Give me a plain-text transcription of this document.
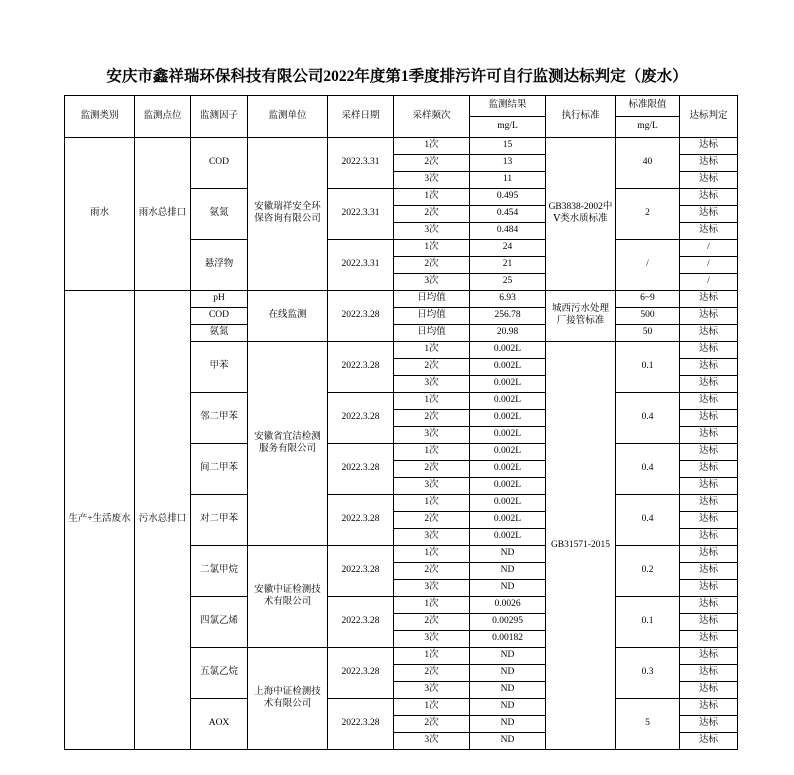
安庆市鑫祥瑞环保科技有限公司2022年度第1季度排污许可自行监测达标判定（废水）
监测类别	监测点位	监测因子	监测单位	采样日期	采样频次	监测结果	执行标准	标准限值	达标判定
						mg/L		mg/L	
雨水	雨水总排口	COD	安徽瑞祥安全环保咨询有限公司	2022.3.31	1次	15	GB3838-2002中Ⅴ类水质标准	40	达标
					2次	13			达标
					3次	11			达标
		氨氮		2022.3.31	1次	0.495		2	达标
					2次	0.454			达标
					3次	0.484			达标
		悬浮物		2022.3.31	1次	24		/	/
					2次	21			/
					3次	25			/
生产+生活废水	污水总排口	pH	在线监测	2022.3.28	日均值	6.93	城西污水处理厂接管标准	6~9	达标
		COD			日均值	256.78		500	达标
		氨氮			日均值	20.98		50	达标
		甲苯	安徽省宜洁检测服务有限公司	2022.3.28	1次	0.002L	GB31571-2015	0.1	达标
					2次	0.002L			达标
					3次	0.002L			达标
		邻二甲苯		2022.3.28	1次	0.002L		0.4	达标
					2次	0.002L			达标
					3次	0.002L			达标
		间二甲苯		2022.3.28	1次	0.002L		0.4	达标
					2次	0.002L			达标
					3次	0.002L			达标
		对二甲苯		2022.3.28	1次	0.002L		0.4	达标
					2次	0.002L			达标
					3次	0.002L			达标
		二氯甲烷	安徽中证检测技术有限公司	2022.3.28	1次	ND		0.2	达标
					2次	ND			达标
					3次	ND			达标
		四氯乙烯		2022.3.28	1次	0.0026		0.1	达标
					2次	0.00295			达标
					3次	0.00182			达标
		五氯乙烷	上海中证检测技术有限公司	2022.3.28	1次	ND		0.3	达标
					2次	ND			达标
					3次	ND			达标
		AOX		2022.3.28	1次	ND		5	达标
					2次	ND			达标
					3次	ND			达标
